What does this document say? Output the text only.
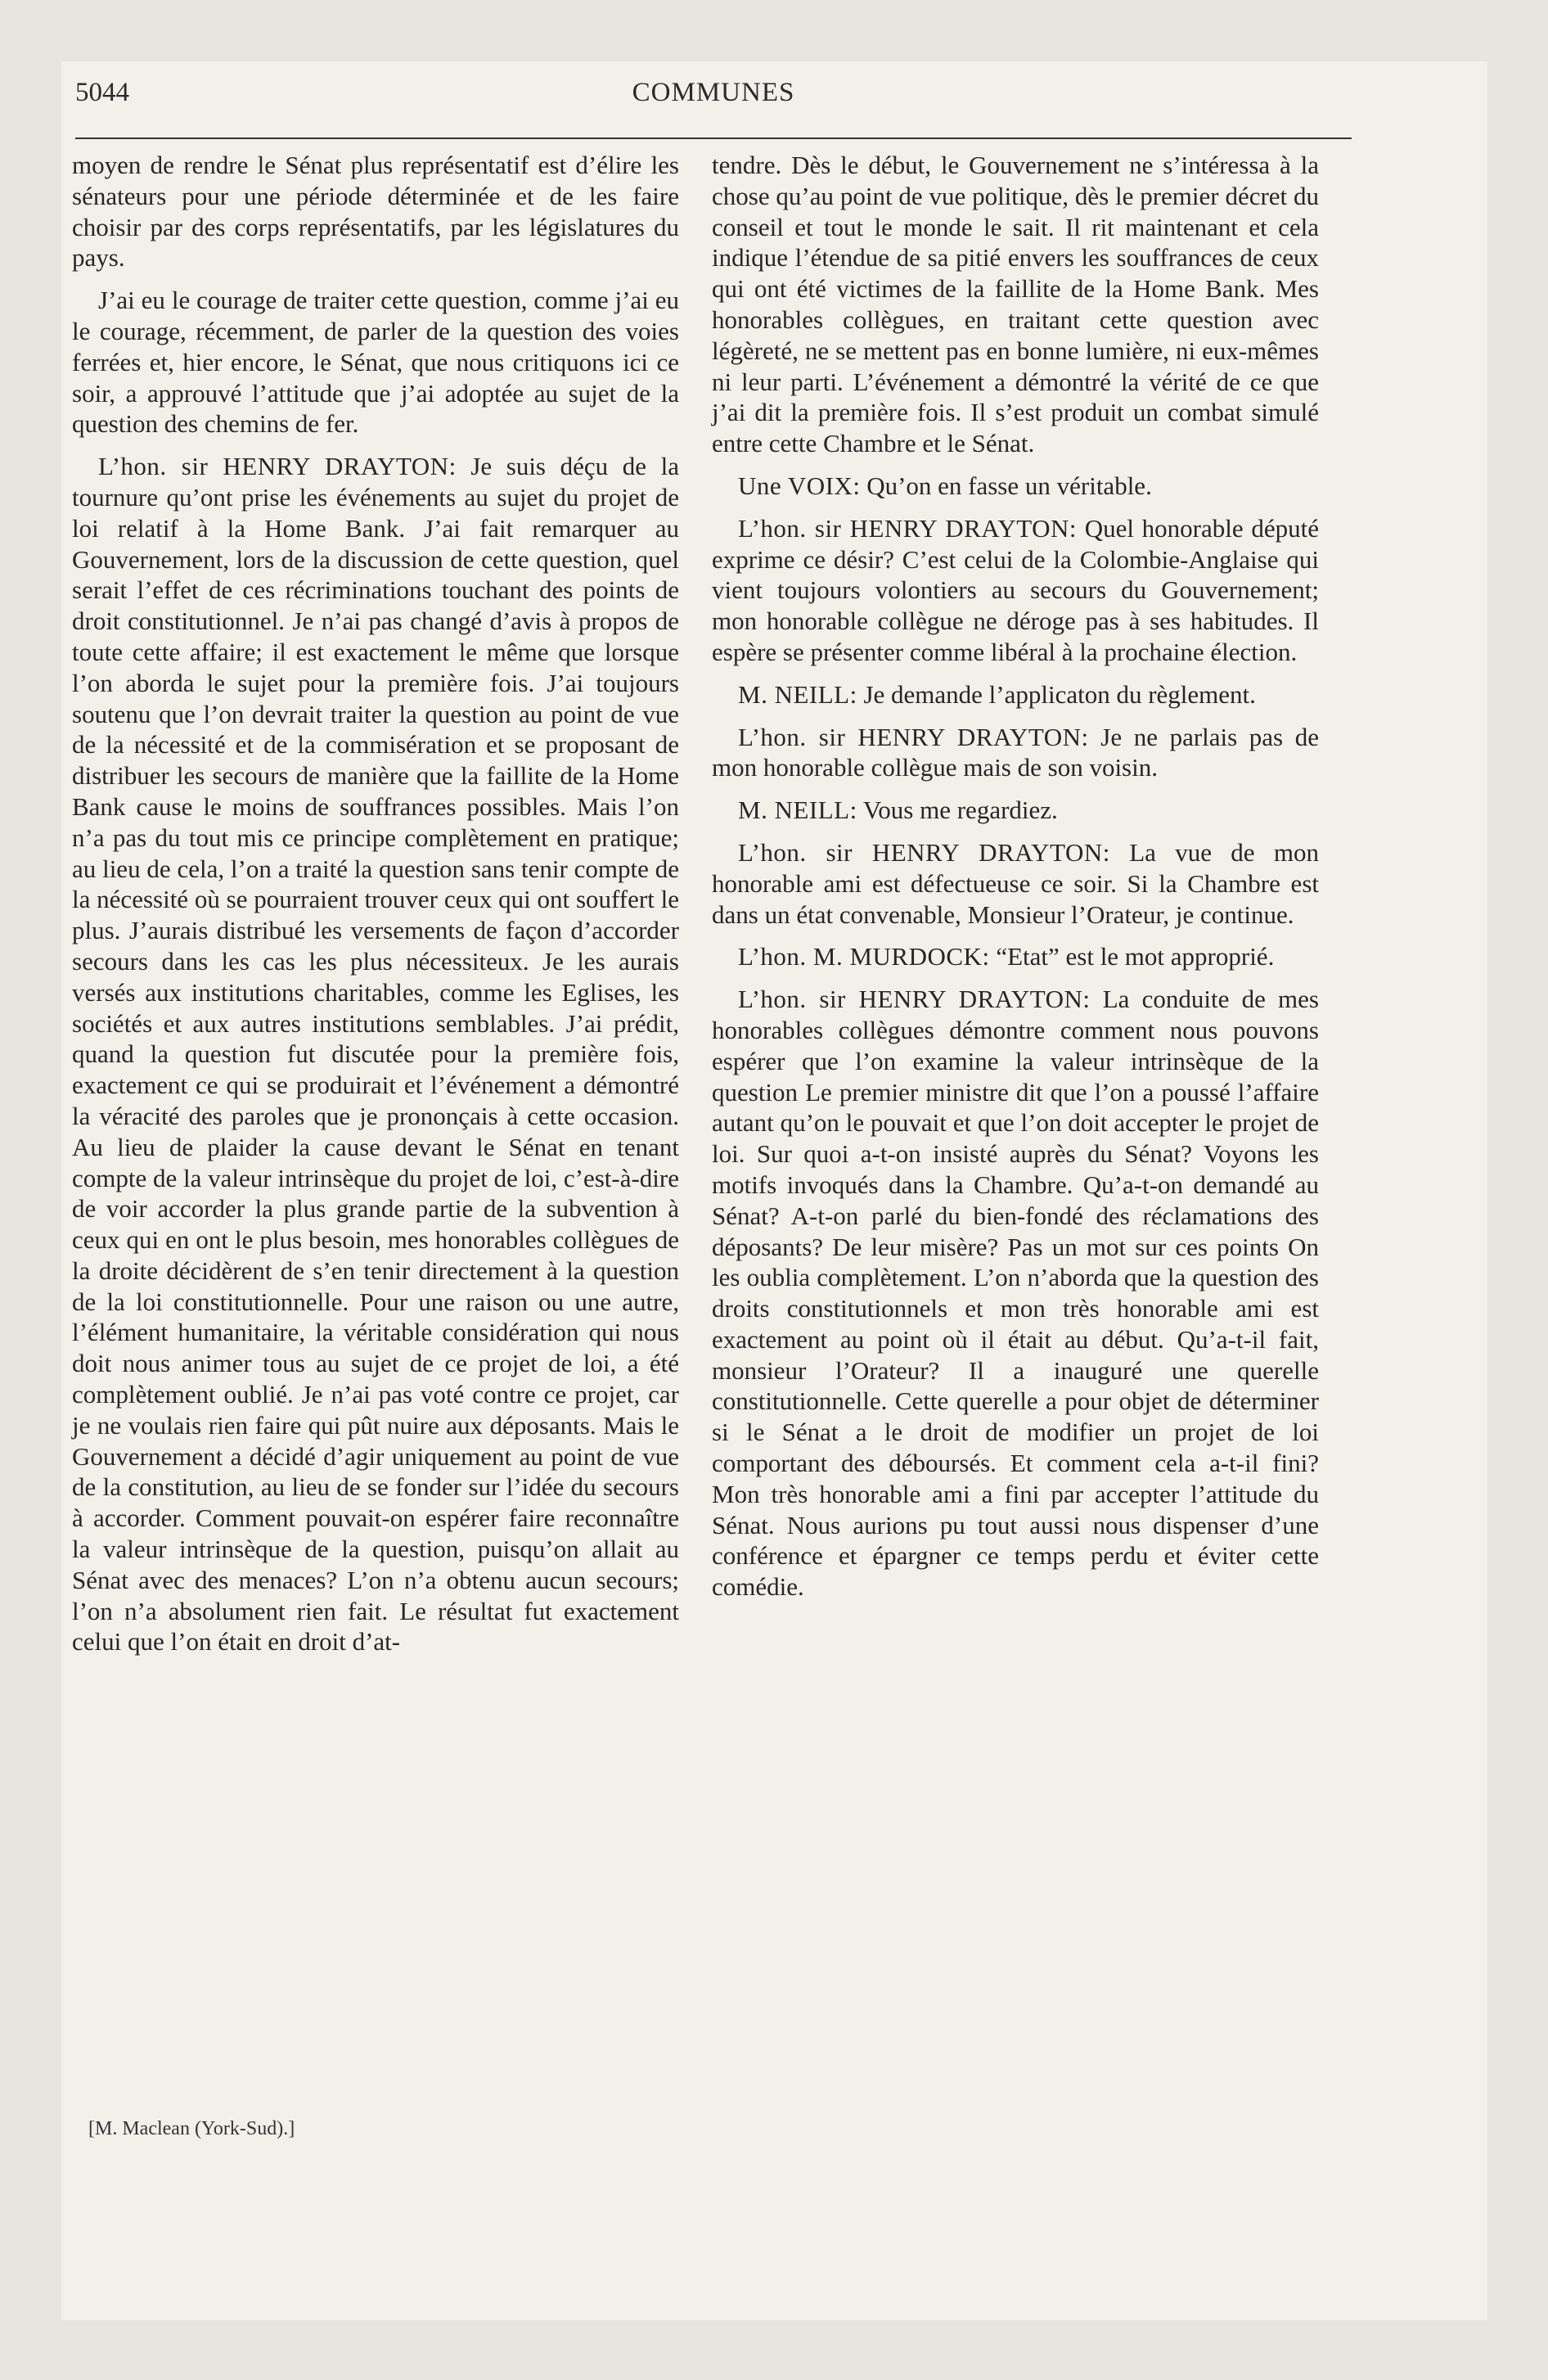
5044	COMMUNES

moyen de rendre le Sénat plus représentatif est d’élire les sénateurs pour une période déterminée et de les faire choisir par des corps représentatifs, par les législatures du pays.

J’ai eu le courage de traiter cette question, comme j’ai eu le courage, récemment, de parler de la question des voies ferrées et, hier encore, le Sénat, que nous critiquons ici ce soir, a approuvé l’attitude que j’ai adoptée au sujet de la question des chemins de fer.

L’hon. sir HENRY DRAYTON: Je suis déçu de la tournure qu’ont prise les événements au sujet du projet de loi relatif à la Home Bank. J’ai fait remarquer au Gouvernement, lors de la discussion de cette question, quel serait l’effet de ces récriminations touchant des points de droit constitutionnel. Je n’ai pas changé d’avis à propos de toute cette affaire; il est exactement le même que lorsque l’on aborda le sujet pour la première fois. J’ai toujours soutenu que l’on devrait traiter la question au point de vue de la nécessité et de la commisération et se proposant de distribuer les secours de manière que la faillite de la Home Bank cause le moins de souffrances possibles. Mais l’on n’a pas du tout mis ce principe complètement en pratique; au lieu de cela, l’on a traité la question sans tenir compte de la nécessité où se pourraient trouver ceux qui ont souffert le plus. J’aurais distribué les versements de façon d’accorder secours dans les cas les plus nécessiteux. Je les aurais versés aux institutions charitables, comme les Eglises, les sociétés et aux autres institutions semblables. J’ai prédit, quand la question fut discutée pour la première fois, exactement ce qui se produirait et l’événement a démontré la véracité des paroles que je prononçais à cette occasion. Au lieu de plaider la cause devant le Sénat en tenant compte de la valeur intrinsèque du projet de loi, c’est-à-dire de voir accorder la plus grande partie de la subvention à ceux qui en ont le plus besoin, mes honorables collègues de la droite décidèrent de s’en tenir directement à la question de la loi constitutionnelle. Pour une raison ou une autre, l’élément humanitaire, la véritable considération qui nous doit nous animer tous au sujet de ce projet de loi, a été complètement oublié. Je n’ai pas voté contre ce projet, car je ne voulais rien faire qui pût nuire aux déposants. Mais le Gouvernement a décidé d’agir uniquement au point de vue de la constitution, au lieu de se fonder sur l’idée du secours à accorder. Comment pouvait-on espérer faire reconnaître la valeur intrinsèque de la question, puisqu’on allait au Sénat avec des menaces? L’on n’a obtenu aucun secours; l’on n’a absolument rien fait. Le résultat fut exactement celui que l’on était en droit d’at-

tendre. Dès le début, le Gouvernement ne s’intéressa à la chose qu’au point de vue politique, dès le premier décret du conseil et tout le monde le sait. Il rit maintenant et cela indique l’étendue de sa pitié envers les souffrances de ceux qui ont été victimes de la faillite de la Home Bank. Mes honorables collègues, en traitant cette question avec légèreté, ne se mettent pas en bonne lumière, ni eux-mêmes ni leur parti. L’événement a démontré la vérité de ce que j’ai dit la première fois. Il s’est produit un combat simulé entre cette Chambre et le Sénat.

Une VOIX: Qu’on en fasse un véritable.

L’hon. sir HENRY DRAYTON: Quel honorable député exprime ce désir? C’est celui de la Colombie-Anglaise qui vient toujours volontiers au secours du Gouvernement; mon honorable collègue ne déroge pas à ses habitudes. Il espère se présenter comme libéral à la prochaine élection.

M. NEILL: Je demande l’applicaton du règlement.

L’hon. sir HENRY DRAYTON: Je ne parlais pas de mon honorable collègue mais de son voisin.

M. NEILL: Vous me regardiez.

L’hon. sir HENRY DRAYTON: La vue de mon honorable ami est défectueuse ce soir. Si la Chambre est dans un état convenable, Monsieur l’Orateur, je continue.

L’hon. M. MURDOCK: “Etat” est le mot approprié.

L’hon. sir HENRY DRAYTON: La conduite de mes honorables collègues démontre comment nous pouvons espérer que l’on examine la valeur intrinsèque de la question Le premier ministre dit que l’on a poussé l’affaire autant qu’on le pouvait et que l’on doit accepter le projet de loi. Sur quoi a-t-on insisté auprès du Sénat? Voyons les motifs invoqués dans la Chambre. Qu’a-t-on demandé au Sénat? A-t-on parlé du bien-fondé des réclamations des déposants? De leur misère? Pas un mot sur ces points On les oublia complètement. L’on n’aborda que la question des droits constitutionnels et mon très honorable ami est exactement au point où il était au début. Qu’a-t-il fait, monsieur l’Orateur? Il a inauguré une querelle constitutionnelle. Cette querelle a pour objet de déterminer si le Sénat a le droit de modifier un projet de loi comportant des déboursés. Et comment cela a-t-il fini? Mon très honorable ami a fini par accepter l’attitude du Sénat. Nous aurions pu tout aussi nous dispenser d’une conférence et épargner ce temps perdu et éviter cette comédie.

[M. Maclean (York-Sud).]
